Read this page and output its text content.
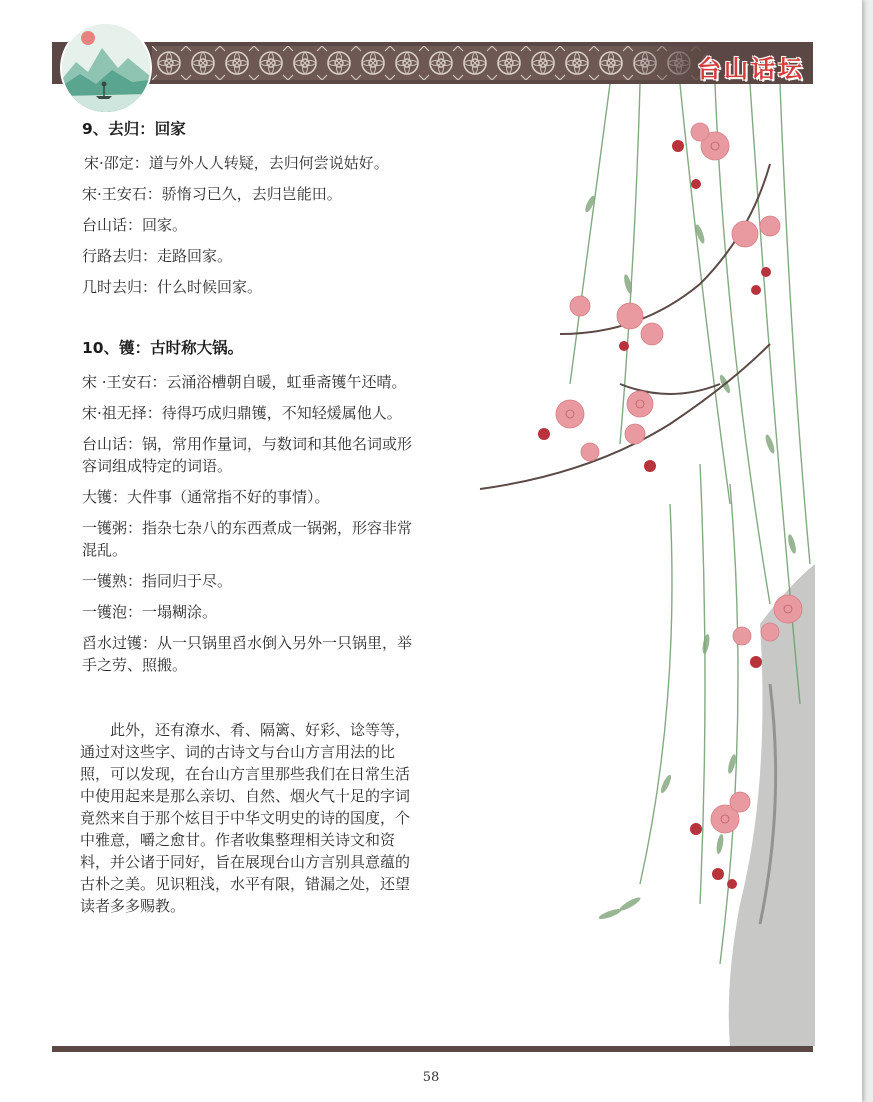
台山话坛
9、去归：回家

宋·邵定：道与外人人转疑，去归何尝说姑好。

宋·王安石：骄惰习已久，去归岂能田。

台山话：回家。

行路去归：走路回家。

几时去归：什么时候回家。

10、镬：古时称大锅。

宋 ·王安石：云涌浴槽朝自暖，虹垂斋镬午还晴。

宋·祖无择：待得巧成归鼎镬，不知轻煖属他人。

台山话：锅，常用作量词，与数词和其他名词或形容词组成特定的词语。

大镬：大件事（通常指不好的事情）。

一镬粥：指杂七杂八的东西煮成一锅粥，形容非常混乱。

一镬熟：指同归于尽。

一镬泡：一塌糊涂。

舀水过镬：从一只锅里舀水倒入另外一只锅里，举手之劳、照搬。

此外，还有潦水、肴、隔篱、好彩、谂等等，通过对这些字、词的古诗文与台山方言用法的比照，可以发现，在台山方言里那些我们在日常生活中使用起来是那么亲切、自然、烟火气十足的字词竟然来自于那个炫目于中华文明史的诗的国度，个中雅意，嚼之愈甘。作者收集整理相关诗文和资料，并公诸于同好，旨在展现台山方言别具意蕴的古朴之美。见识粗浅，水平有限，错漏之处，还望读者多多赐教。

58
